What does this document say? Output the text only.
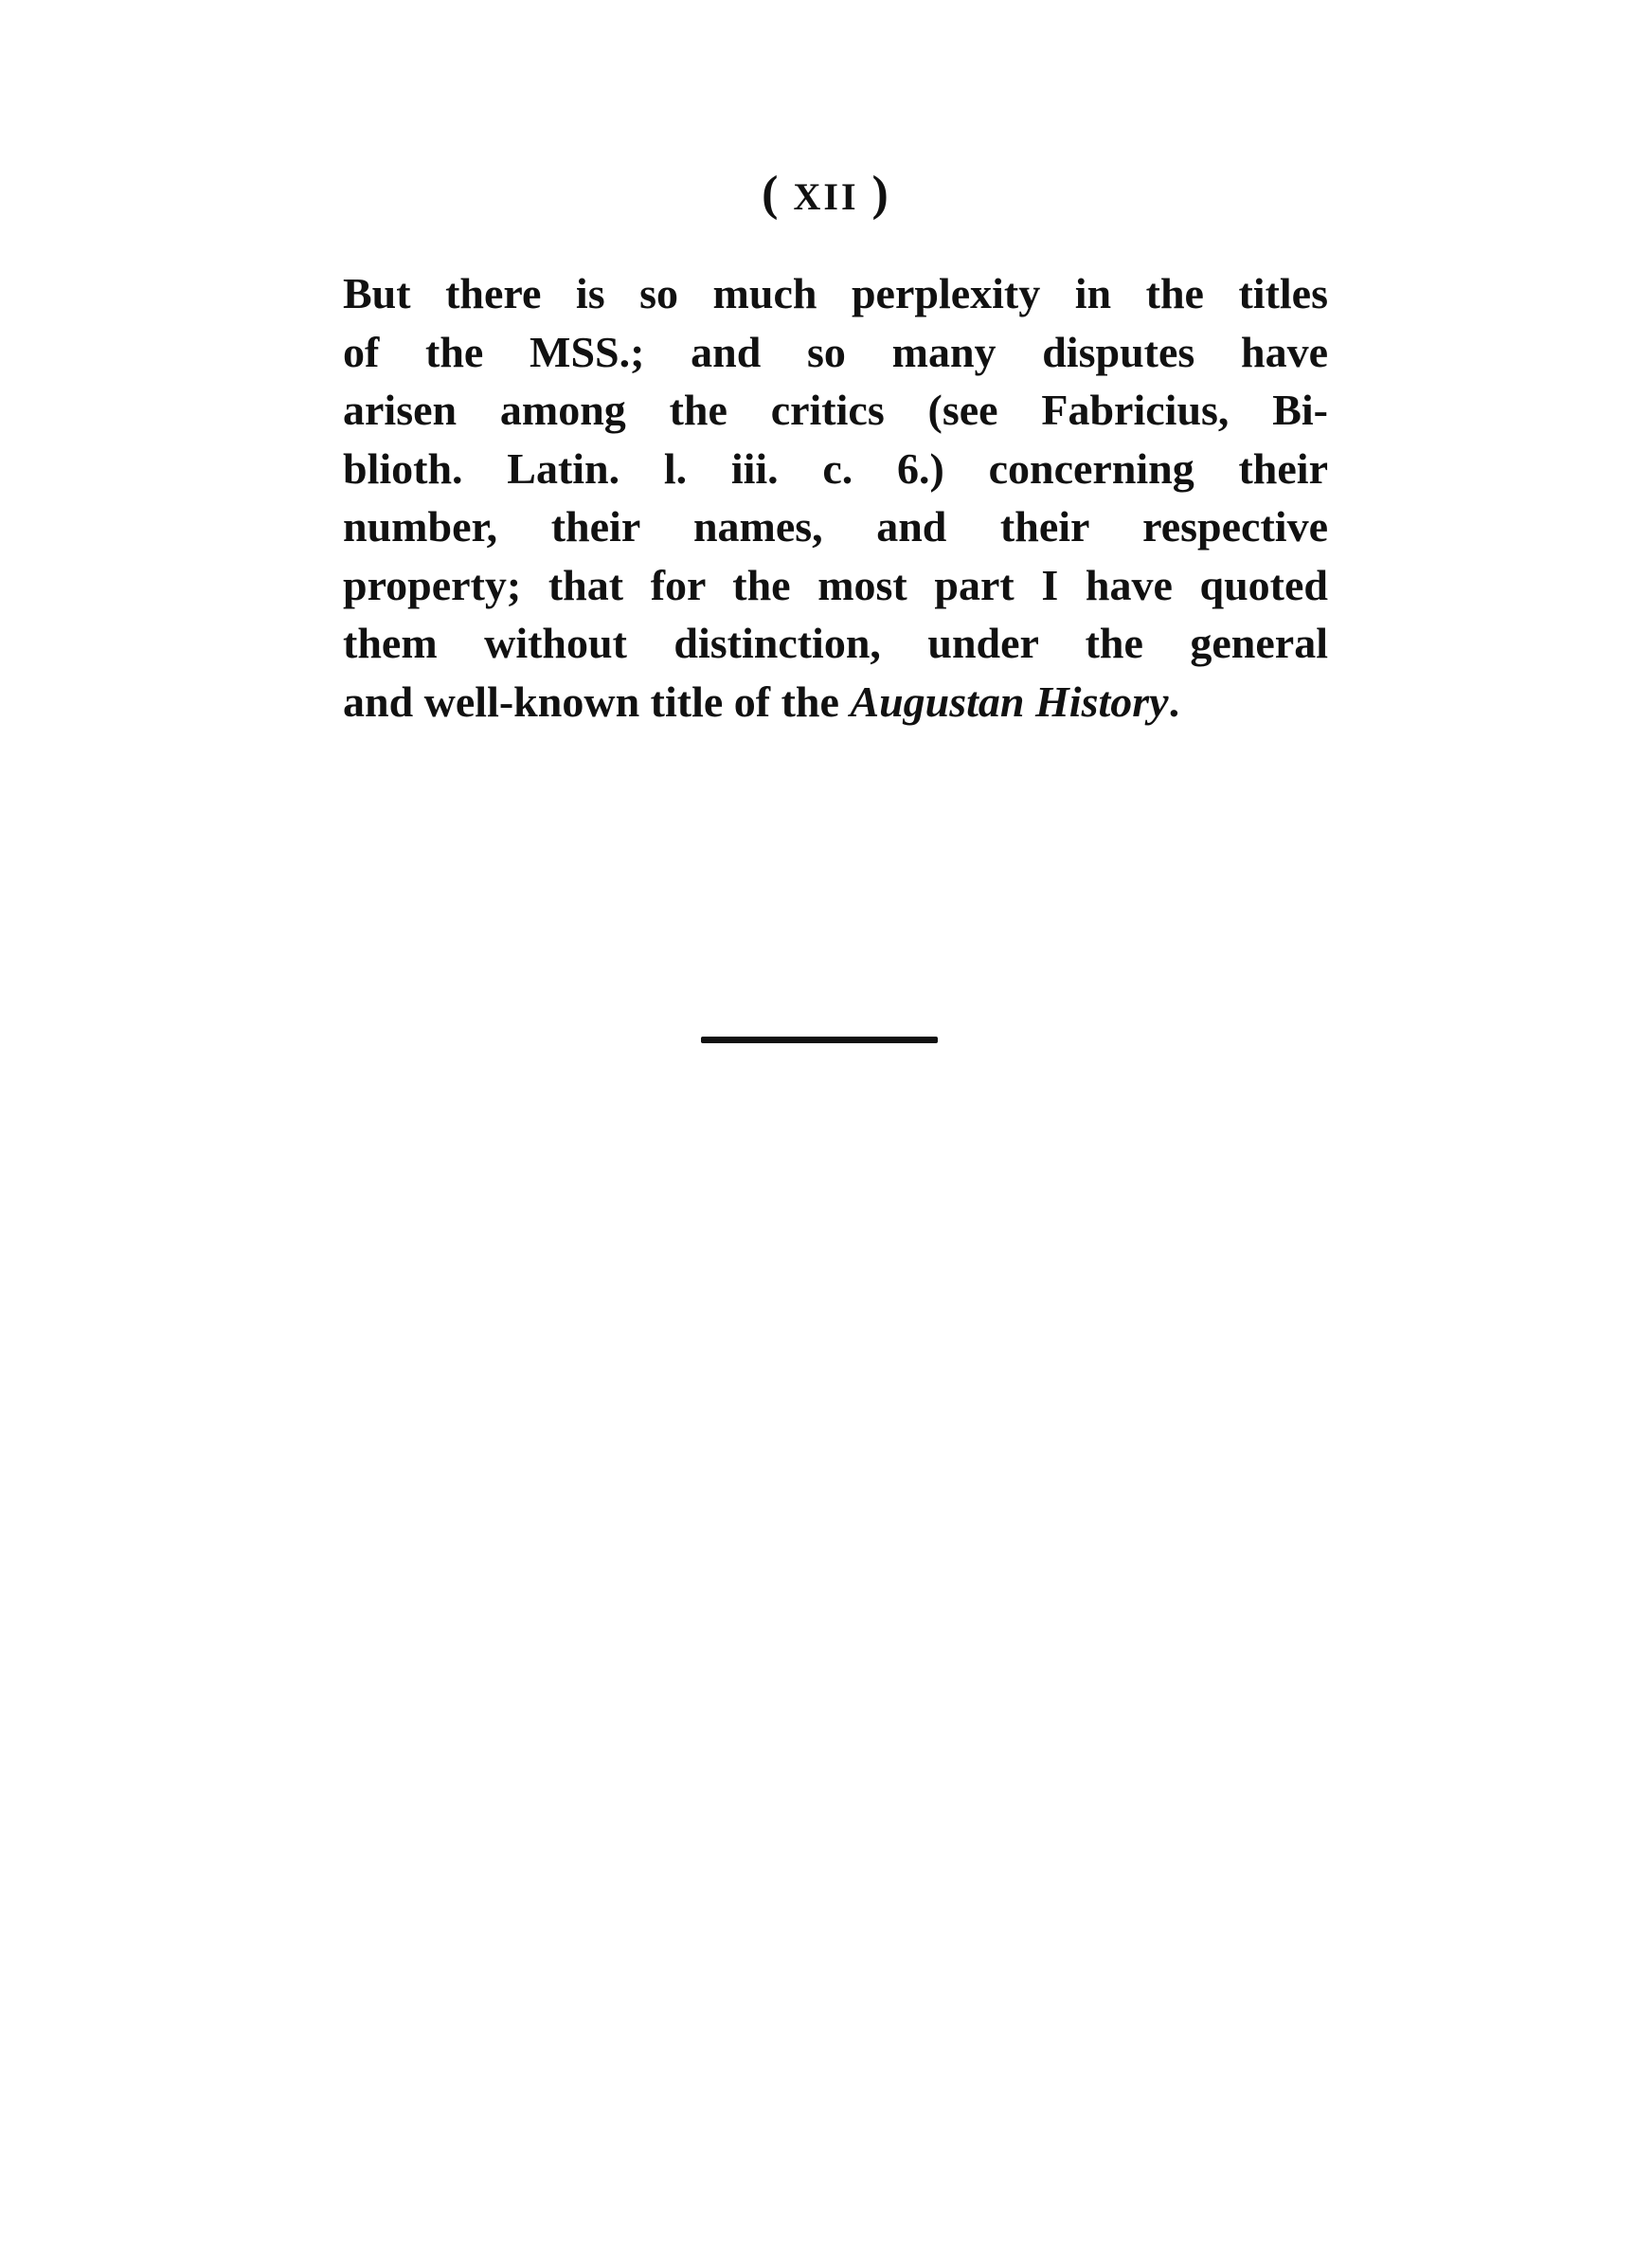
( XII )
But there is so much perplexity in the titles
of the MSS.; and so many disputes have
arisen among the critics (see Fabricius, Bi-
blioth. Latin. l. iii. c. 6.) concerning their
number, their names, and their respective
property; that for the most part I have quoted
them without distinction, under the general
and well-known title of the Augustan History.
